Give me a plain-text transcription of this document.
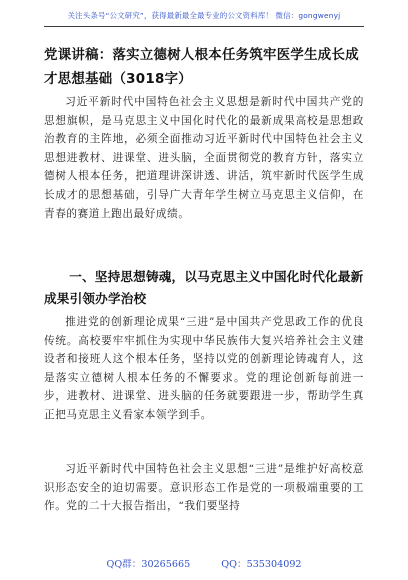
关注头条号“公文研究”，获得最新最全最专业的公文资料库！ 微信：gongwenyj
党课讲稿：落实立德树人根本任务筑牢医学生成长成才思想基础（3018字）
习近平新时代中国特色社会主义思想是新时代中国共产党的思想旗帜，是马克思主义中国化时代化的最新成果高校是思想政治教育的主阵地，必须全面推动习近平新时代中国特色社会主义思想进教材、进课堂、进头脑，全面贯彻党的教育方针，落实立德树人根本任务，把道理讲深讲透、讲活，筑牢新时代医学生成长成才的思想基础，引导广大青年学生树立马克思主义信仰，在青春的赛道上跑出最好成绩。
一、坚持思想铸魂，以马克思主义中国化时代化最新成果引领办学治校
推进党的创新理论成果“三进”是中国共产党思政工作的优良传统。高校要牢牢抓住为实现中华民族伟大复兴培养社会主义建设者和接班人这个根本任务，坚持以党的创新理论铸魂育人，这是落实立德树人根本任务的不懈要求。党的理论创新每前进一步，进教材、进课堂、进头脑的任务就要跟进一步，帮助学生真正把马克思主义看家本领学到手。
习近平新时代中国特色社会主义思想“三进”是维护好高校意识形态安全的迫切需要。意识形态工作是党的一项极端重要的工作。党的二十大报告指出，“我们要坚持
QQ群：30265665	QQ：535304092
